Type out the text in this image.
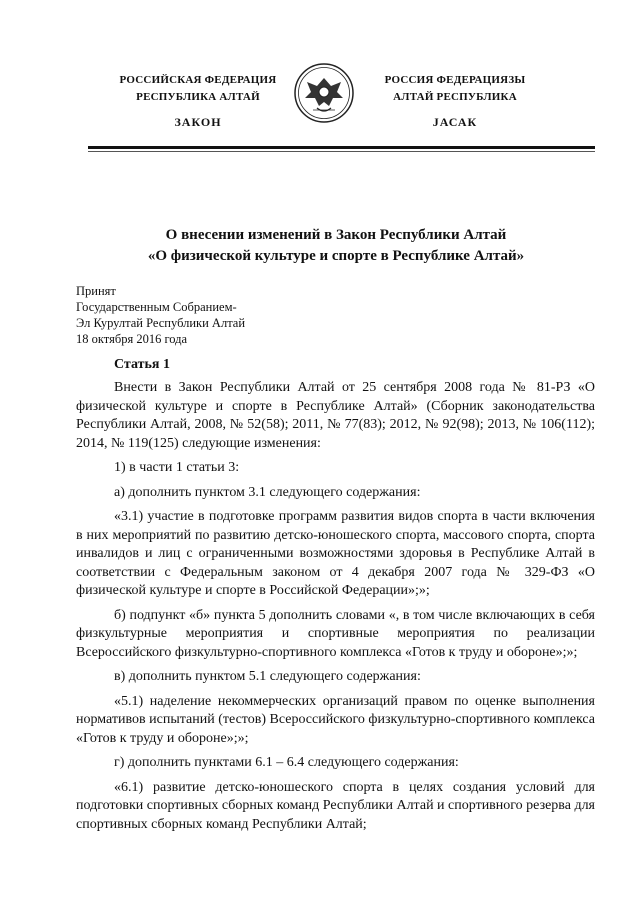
РОССИЙСКАЯ ФЕДЕРАЦИЯ
РЕСПУБЛИКА АЛТАЙ
ЗАКОН
РОССИЯ ФЕДЕРАЦИЯЗЫ
АЛТАЙ РЕСПУБЛИКА
ЈАСАК
О внесении изменений в Закон Республики Алтай
«О физической культуре и спорте в Республике Алтай»
Принят
Государственным Собранием-
Эл Курултай Республики Алтай
18 октября 2016 года
Статья 1

Внести в Закон Республики Алтай от 25 сентября 2008 года № 81-РЗ «О физической культуре и спорте в Республике Алтай» (Сборник законодательства Республики Алтай, 2008, № 52(58); 2011, № 77(83); 2012, № 92(98); 2013, № 106(112); 2014, № 119(125) следующие изменения:

1) в части 1 статьи 3:

а) дополнить пунктом 3.1 следующего содержания:

«3.1) участие в подготовке программ развития видов спорта в части включения в них мероприятий по развитию детско-юношеского спорта, массового спорта, спорта инвалидов и лиц с ограниченными возможностями здоровья в Республике Алтай в соответствии с Федеральным законом от 4 декабря 2007 года № 329-ФЗ «О физической культуре и спорте в Российской Федерации»;»;

б) подпункт «б» пункта 5 дополнить словами «, в том числе включающих в себя физкультурные мероприятия и спортивные мероприятия по реализации Всероссийского физкультурно-спортивного комплекса «Готов к труду и обороне»;»;

в) дополнить пунктом 5.1 следующего содержания:

«5.1) наделение некоммерческих организаций правом по оценке выполнения нормативов испытаний (тестов) Всероссийского физкультурно-спортивного комплекса «Готов к труду и обороне»;»;

г) дополнить пунктами 6.1 – 6.4 следующего содержания:

«6.1) развитие детско-юношеского спорта в целях создания условий для подготовки спортивных сборных команд Республики Алтай и спортивного резерва для спортивных сборных команд Республики Алтай;
